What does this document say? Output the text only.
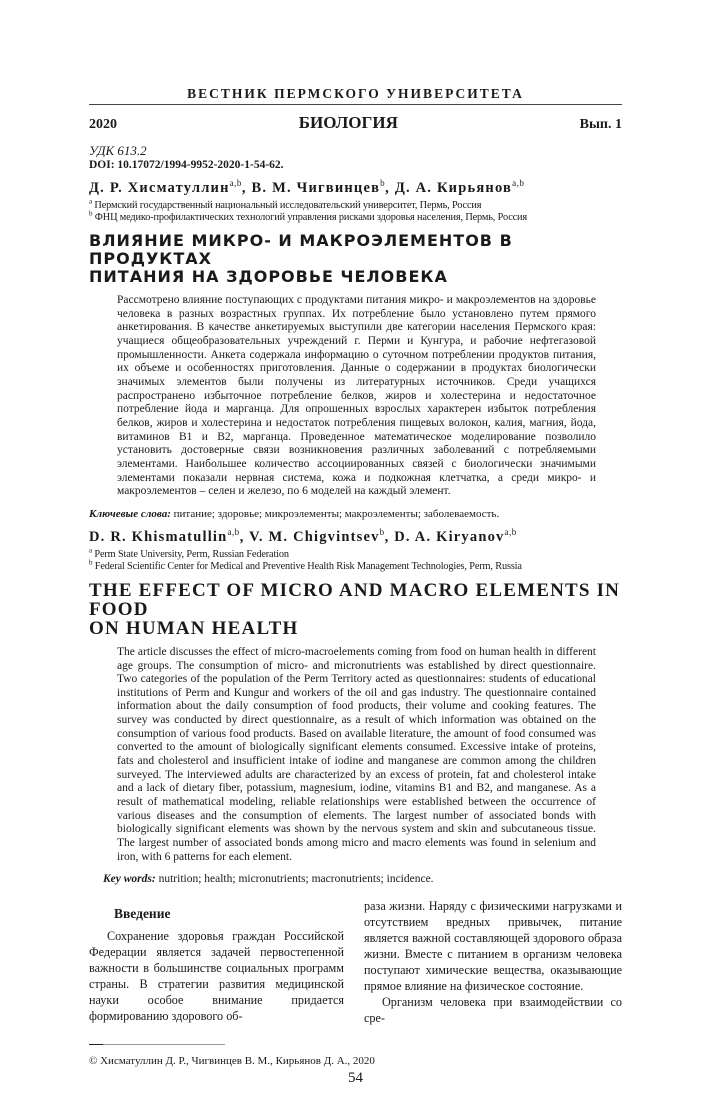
ВЕСТНИК ПЕРМСКОГО УНИВЕРСИТЕТА
2020	БИОЛОГИЯ	Вып. 1
УДК 613.2
DOI: 10.17072/1994-9952-2020-1-54-62.
Д. Р. Хисматуллин$^{a,b}$, В. М. Чигвинцев$^b$, Д. А. Кирьянов$^{a,b}$
$^a$ Пермский государственный национальный исследовательский университет, Пермь, Россия
$^b$ ФНЦ медико-профилактических технологий управления рисками здоровья населения, Пермь, Россия
ВЛИЯНИЕ МИКРО- И МАКРОЭЛЕМЕНТОВ В ПРОДУКТАХ
ПИТАНИЯ НА ЗДОРОВЬЕ ЧЕЛОВЕКА
Рассмотрено влияние поступающих с продуктами питания микро- и макроэлементов на здоровье человека в разных возрастных группах. Их потребление было установлено путем прямого анкетирования. В качестве анкетируемых выступили две категории населения Пермского края: учащиеся общеобразовательных учреждений г. Перми и Кунгура, и рабочие нефтегазовой промышленности. Анкета содержала информацию о суточном потреблении продуктов питания, их объеме и особенностях приготовления. Данные о содержании в продуктах биологически значимых элементов были получены из литературных источников. Среди учащихся распространено избыточное потребление белков, жиров и холестерина и недостаточное потребление йода и марганца. Для опрошенных взрослых характерен избыток потребления белков, жиров и холестерина и недостаток потребления пищевых волокон, калия, магния, йода, витаминов B1 и B2, марганца. Проведенное математическое моделирование позволило установить достоверные связи возникновения различных заболеваний с потребляемыми элементами. Наибольшее количество ассоциированных связей с биологически значимыми элементами показали нервная система, кожа и подкожная клетчатка, а среди микро- и макроэлементов – селен и железо, по 6 моделей на каждый элемент.
Ключевые слова: питание; здоровье; микроэлементы; макроэлементы; заболеваемость.
D. R. Khismatullin$^{a,b}$, V. M. Chigvintsev$^b$, D. A. Kiryanov$^{a,b}$
$^a$ Perm State University, Perm, Russian Federation
$^b$ Federal Scientific Center for Medical and Preventive Health Risk Management Technologies, Perm, Russia
THE EFFECT OF MICRO AND MACRO ELEMENTS IN FOOD
ON HUMAN HEALTH
The article discusses the effect of micro-macroelements coming from food on human health in different age groups. The consumption of micro- and micronutrients was established by direct questionnaire. Two categories of the population of the Perm Territory acted as questionnaires: students of educational institutions of Perm and Kungur and workers of the oil and gas industry. The questionnaire contained information about the daily consumption of food products, their volume and cooking features. The survey was conducted by direct questionnaire, as a result of which information was obtained on the consumption of various food products. Based on available literature, the amount of food consumed was converted to the amount of biologically significant elements consumed. Excessive intake of proteins, fats and cholesterol and insufficient intake of iodine and manganese are common among the children surveyed. The interviewed adults are characterized by an excess of protein, fat and cholesterol intake and a lack of dietary fiber, potassium, magnesium, iodine, vitamins B1 and B2, and manganese. As a result of mathematical modeling, reliable relationships were established between the occurrence of various diseases and the consumption of elements. The largest number of associated bonds with biologically significant elements was shown by the nervous system and skin and subcutaneous tissue. The largest number of associated bonds among micro and macro elements was found in selenium and iron, with 6 patterns for each element.
Key words: nutrition; health; micronutrients; macronutrients; incidence.
Введение
Сохранение здоровья граждан Российской Федерации является задачей первостепенной важности в большинстве социальных программ страны. В стратегии развития медицинской науки особое внимание придается формированию здорового об-
раза жизни. Наряду с физическими нагрузками и отсутствием вредных привычек, питание является важной составляющей здорового образа жизни. Вместе с питанием в организм человека поступают химические вещества, оказывающие прямое влияние на физическое состояние.
Организм человека при взаимодействии со сре-
© Хисматуллин Д. Р., Чигвинцев В. М., Кирьянов Д. А., 2020
54
